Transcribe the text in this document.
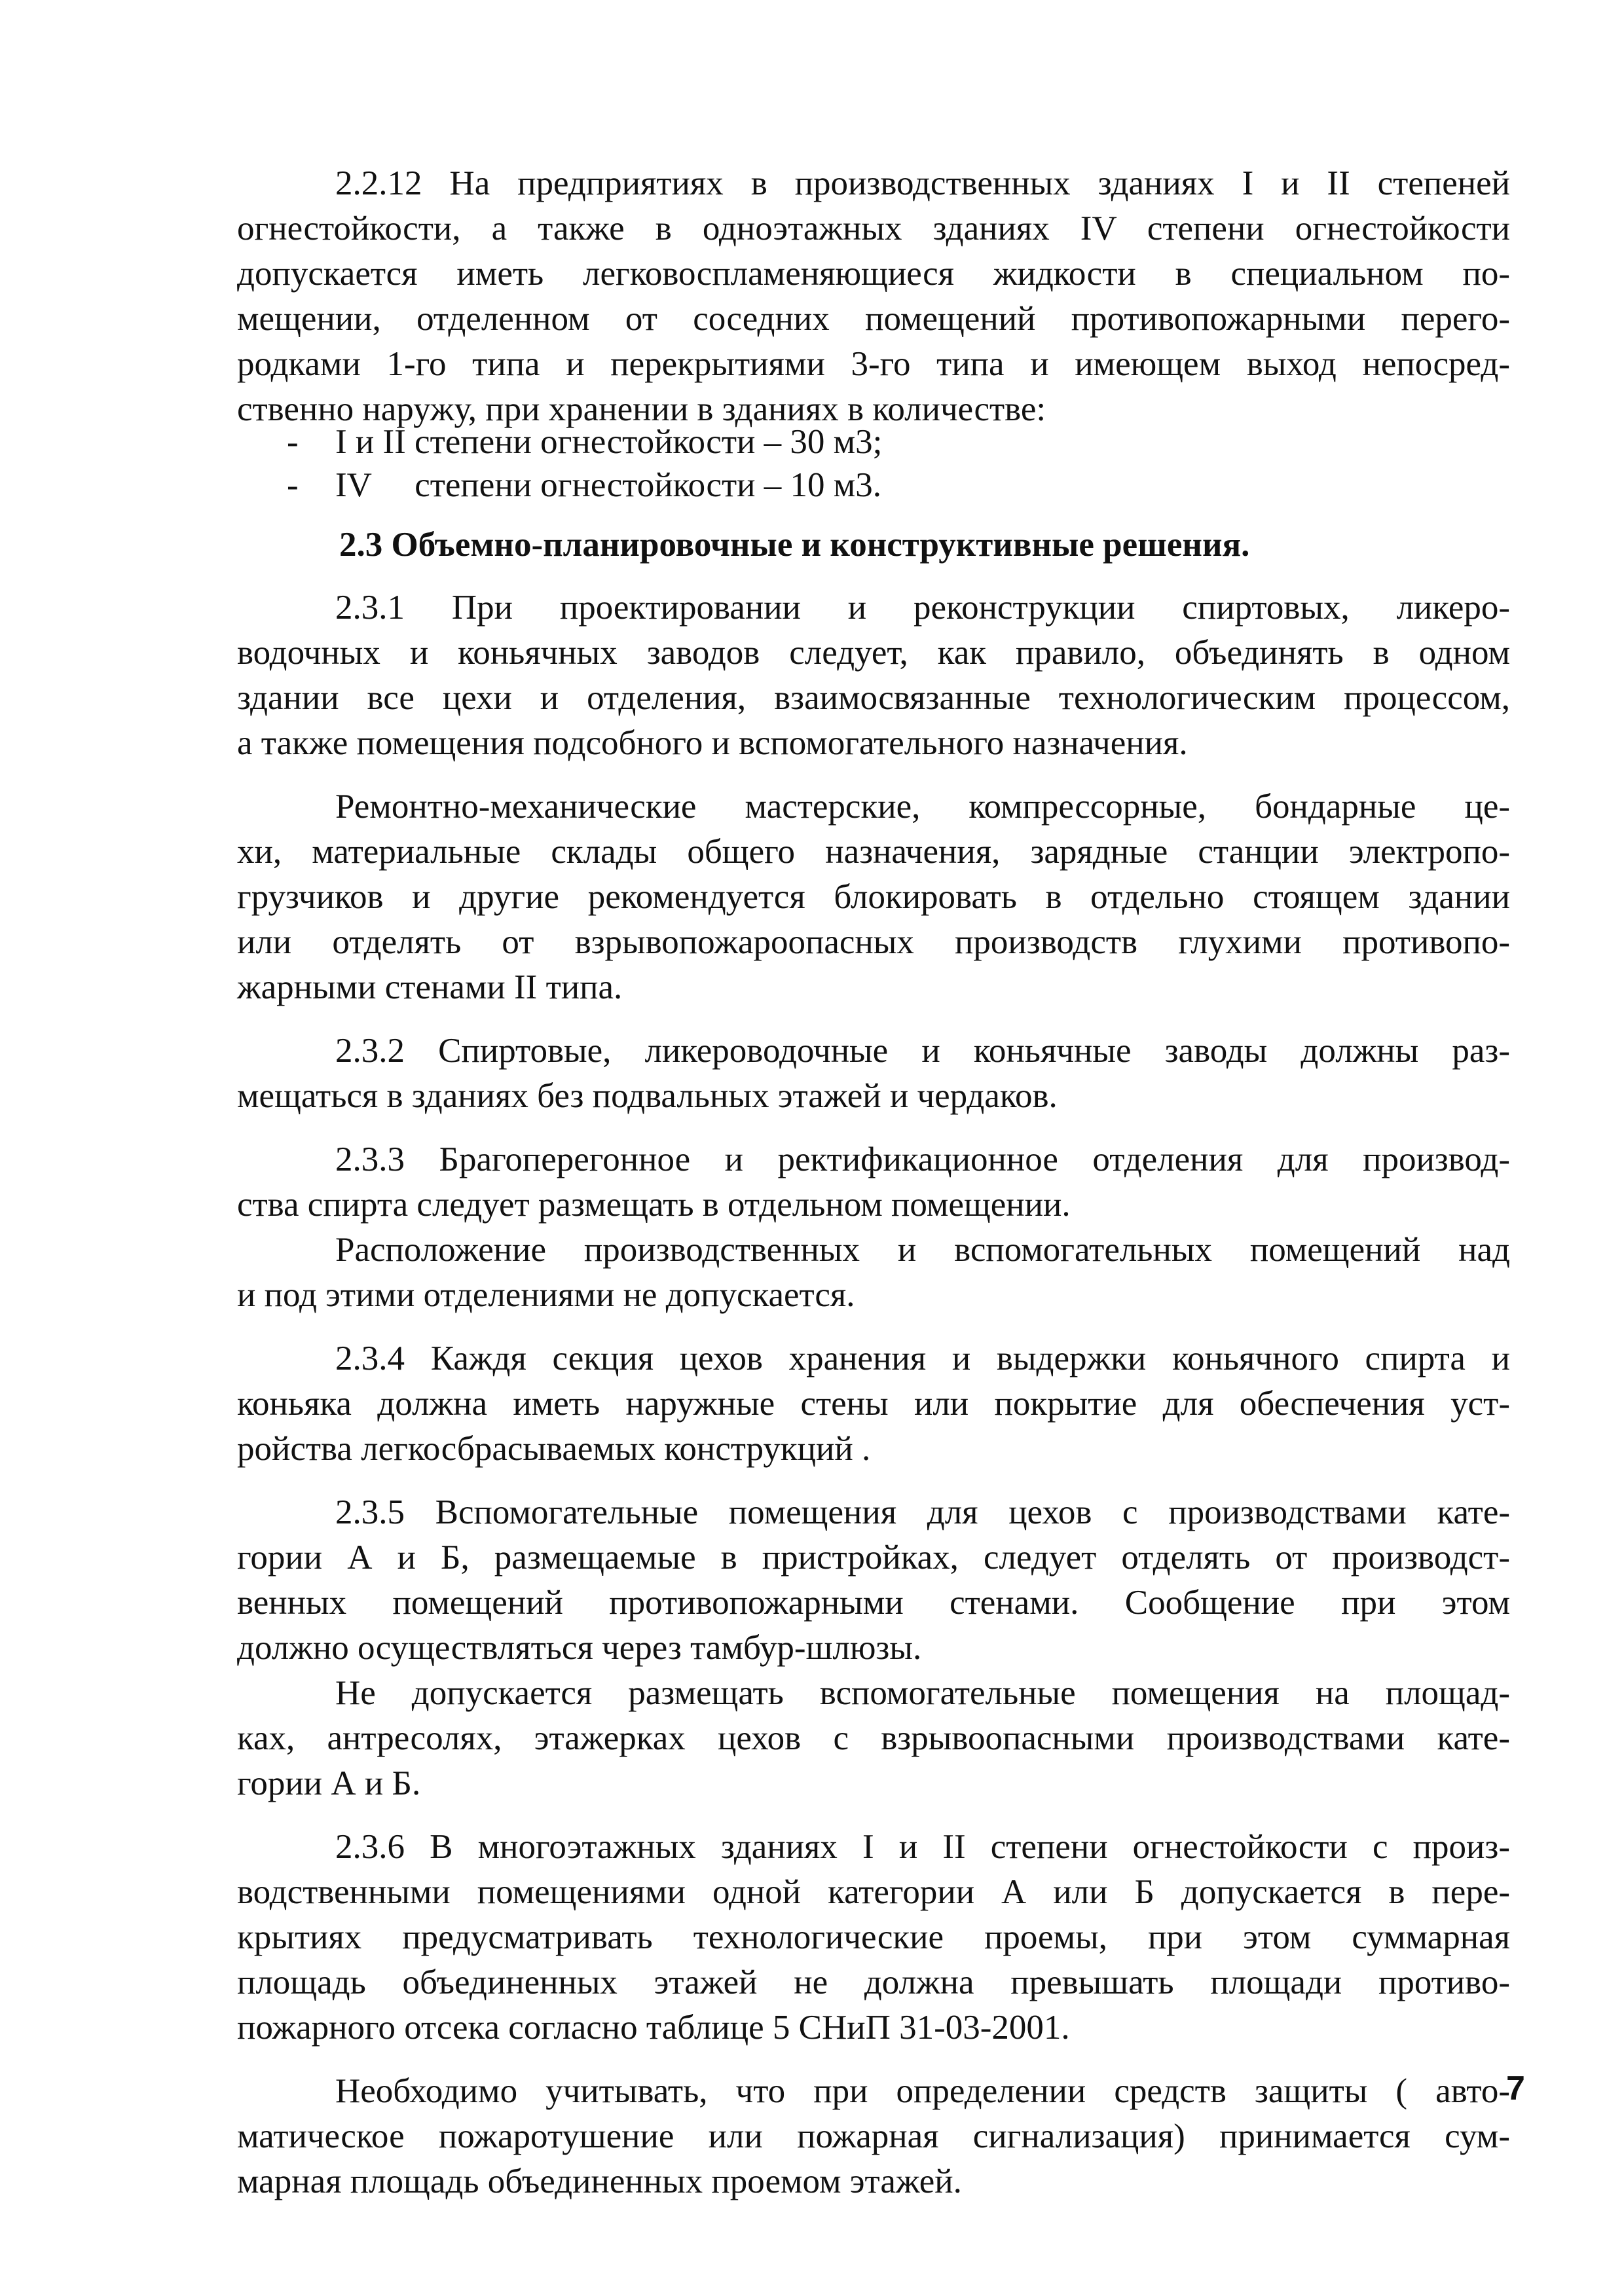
2.2.12 На предприятиях в производственных зданиях I и II степеней
огнестойкости, а также в одноэтажных зданиях IV степени огнестойкости
допускается иметь легковоспламеняющиеся жидкости в специальном по-
мещении, отделенном от соседних помещений противопожарными перего-
родками 1-го типа и перекрытиями 3-го типа и имеющем выход непосред-
ственно наружу, при хранении в зданиях в количестве:
- I и II степени огнестойкости – 30 м3;
- IV     степени огнестойкости – 10 м3.
2.3 Объемно-планировочные и конструктивные решения.
2.3.1 При проектировании и реконструкции спиртовых, ликеро-
водочных и коньячных заводов следует, как правило, объединять в одном
здании все цехи и отделения, взаимосвязанные технологическим процессом,
а также помещения подсобного и вспомогательного назначения.
Ремонтно-механические мастерские, компрессорные, бондарные це-
хи, материальные склады общего назначения, зарядные станции электропо-
грузчиков и другие рекомендуется блокировать в отдельно стоящем здании
или отделять от взрывопожароопасных производств глухими противопо-
жарными стенами II типа.
2.3.2 Спиртовые, ликероводочные и коньячные заводы должны раз-
мещаться в зданиях без подвальных этажей и чердаков.
2.3.3 Брагоперегонное и ректификационное отделения для производ-
ства спирта следует размещать в отдельном помещении.
Расположение производственных и вспомогательных помещений над
и под этими отделениями не допускается.
2.3.4 Каждя секция цехов хранения и выдержки коньячного спирта и
коньяка должна иметь наружные стены или покрытие для обеспечения уст-
ройства легкосбрасываемых конструкций .
2.3.5 Вспомогательные помещения для цехов с производствами кате-
гории А и Б, размещаемые в пристройках, следует отделять от производст-
венных помещений противопожарными стенами. Сообщение при этом
должно осуществляться через тамбур-шлюзы.
Не допускается размещать вспомогательные помещения на площад-
ках, антресолях, этажерках цехов с взрывоопасными производствами кате-
гории А и Б.
2.3.6 В многоэтажных зданиях I и II степени огнестойкости с произ-
водственными помещениями одной категории А или Б допускается в пере-
крытиях предусматривать технологические проемы, при этом суммарная
площадь объединенных этажей не должна превышать площади противо-
пожарного отсека согласно таблице 5 СНиП 31-03-2001.
Необходимо учитывать, что при определении средств защиты ( авто-
матическое пожаротушение или пожарная сигнализация) принимается сум-
марная площадь объединенных проемом этажей.
7
